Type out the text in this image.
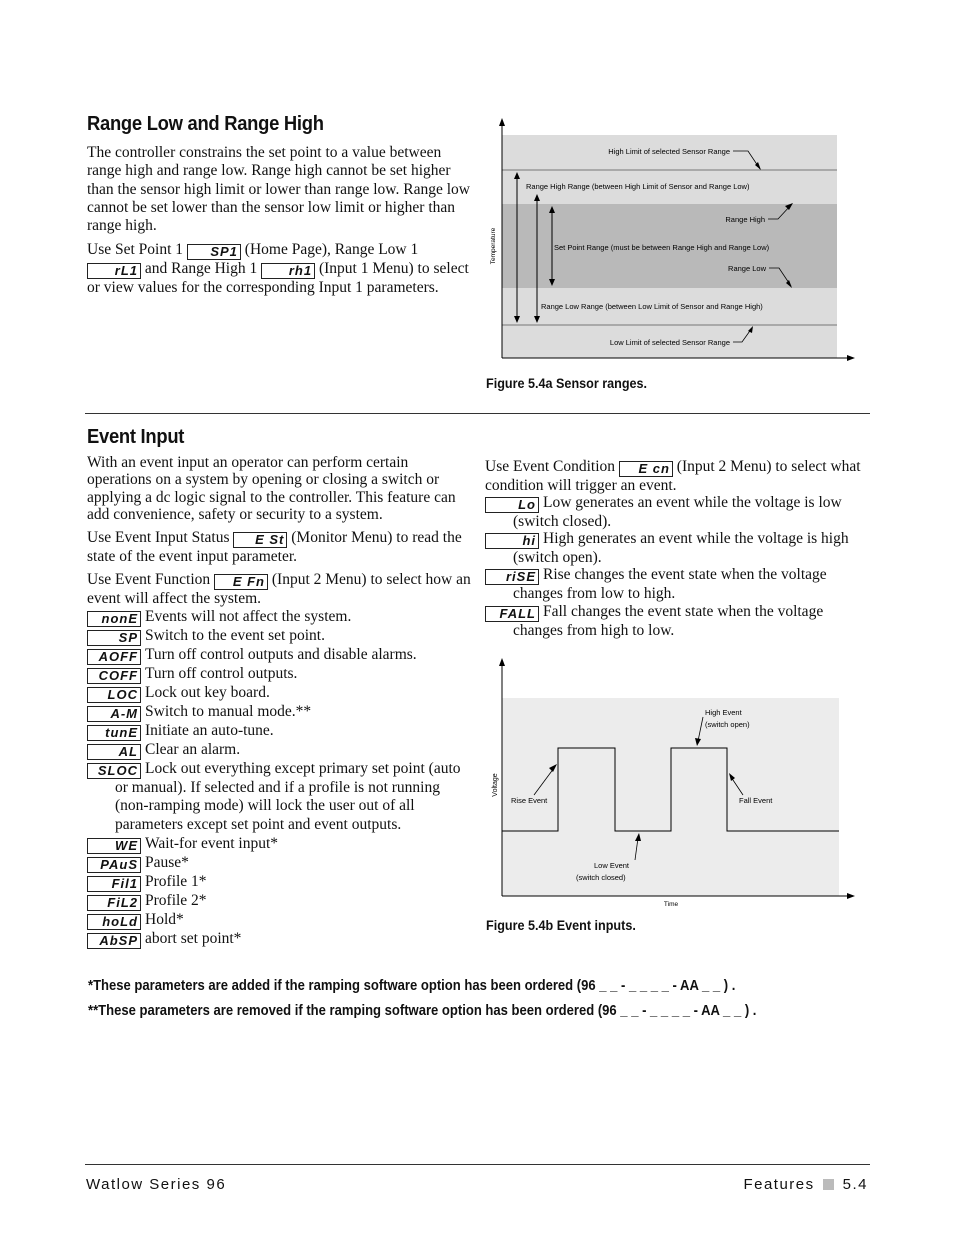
Range Low and Range High

The controller constrains the set point to a value between range high and range low. Range high cannot be set higher than the sensor high limit or lower than range low. Range low cannot be set lower than the sensor low limit or higher than range high.

Use Set Point 1 SP1 (Home Page), Range Low 1 rL1 and Range High 1 rh1 (Input 1 Menu) to select or view values for the corresponding Input 1 parameters.

Temperature
High Limit of selected Sensor Range
Range High Range (between High Limit of Sensor and Range Low)
Range High
Set Point Range (must be between Range High and Range Low)
Range Low
Range Low Range (between Low Limit of Sensor and Range High)
Low Limit of selected Sensor Range
Figure 5.4a Sensor ranges.
Event Input

With an event input an operator can perform certain operations on a system by opening or closing a switch or applying a dc logic signal to the controller. This feature can add convenience, safety or security to a system.

Use Event Input Status E St (Monitor Menu) to read the state of the event input parameter.

Use Event Function E Fn (Input 2 Menu) to select how an event will affect the system.

nonE Events will not affect the system.

SP Switch to the event set point.

AOFF Turn off control outputs and disable alarms.

COFF Turn off control outputs.

LOC Lock out key board.

A-M Switch to manual mode.**

tunE Initiate an auto-tune.

AL Clear an alarm.

SLOC Lock out everything except primary set point (auto or manual). If selected and if a profile is not running (non-ramping mode) will lock the user out of all parameters except set point and event outputs.

WE Wait-for event input*

PAuS Pause*

Fil1 Profile 1*

FiL2 Profile 2*

hoLd Hold*

AbSP abort set point*

Use Event Condition E cn (Input 2 Menu) to select what condition will trigger an event.

Lo Low generates an event while the voltage is low (switch closed).

hi High generates an event while the voltage is high (switch open).

riSE Rise changes the event state when the voltage changes from low to high.

FALL Fall changes the event state when the voltage changes from high to low.

Voltage
Time
High Event
(switch open)
Rise Event	Fall Event
Low Event
(switch closed)
Figure 5.4b Event inputs.
*These parameters are added if the ramping software option has been ordered (96 _ _ - _ _ _ _ - AA _ _ ) .
**These parameters are removed if the ramping software option has been ordered (96 _ _ - _ _ _ _ - AA _ _ ) .
Watlow Series 96	Features 5.4
